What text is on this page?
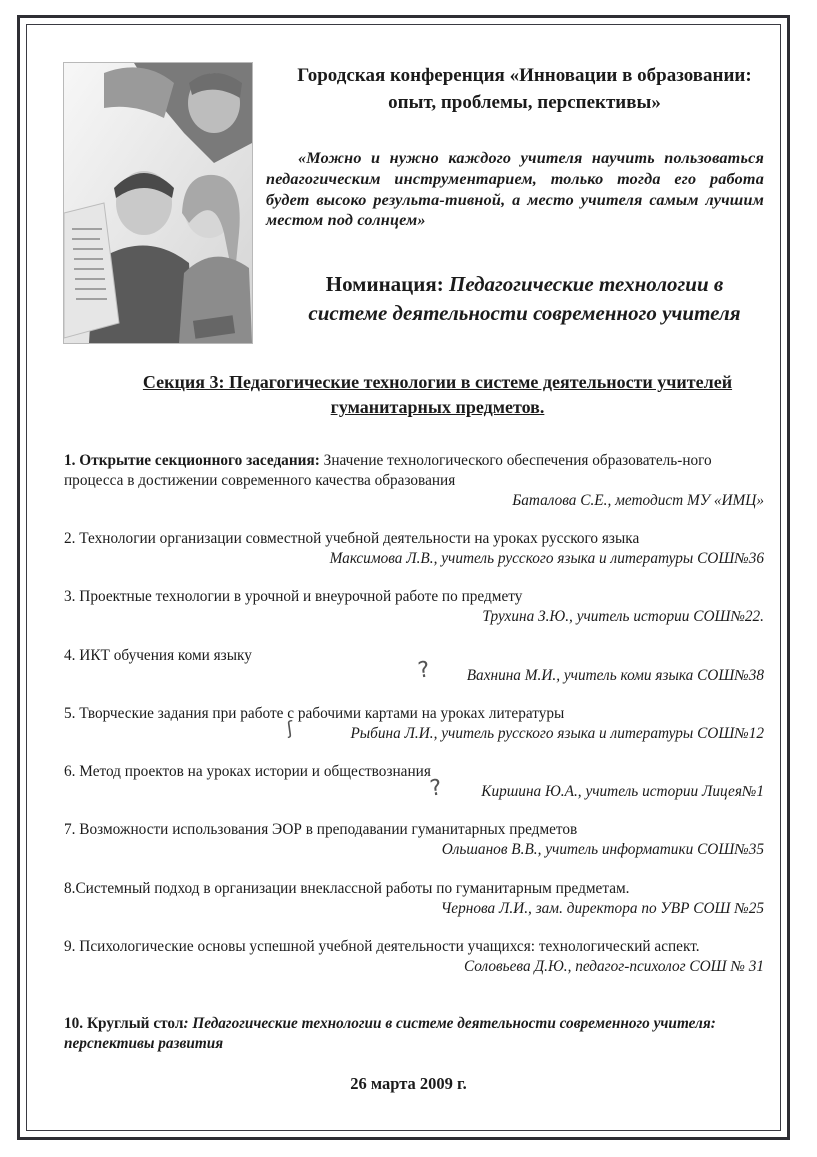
Городская конференция «Инновации в образовании:
опыт, проблемы, перспективы»
«Можно и нужно каждого учителя научить пользоваться педагогическим инструментарием, только тогда его работа будет высоко результа-тивной, а место учителя самым лучшим местом под солнцем»
Номинация: Педагогические технологии в
системе деятельности современного учителя
Секция 3: Педагогические технологии в системе деятельности учителей
гуманитарных предметов.
1. Открытие секционного заседания: Значение технологического обеспечения образователь-ного процесса в достижении современного качества образования
Баталова С.Е., методист МУ «ИМЦ»
2. Технологии организации совместной учебной деятельности на уроках русского языка
Максимова Л.В., учитель русского языка и литературы СОШ№36
3. Проектные технологии в урочной и внеурочной работе по предмету
Трухина З.Ю., учитель истории СОШ№22.
4. ИКТ обучения коми языку
Вахнина М.И., учитель коми языка СОШ№38
?
5. Творческие задания при работе с рабочими картами на уроках литературы
Рыбина Л.И., учитель русского языка и литературы СОШ№12
ʃ
6. Метод проектов на уроках истории и обществознания
Киршина Ю.А., учитель истории Лицея№1
?
7. Возможности использования ЭОР в преподавании гуманитарных предметов
Ольшанов В.В., учитель информатики СОШ№35
8.Системный подход в организации внеклассной работы по гуманитарным предметам.
Чернова Л.И., зам. директора по УВР СОШ №25
9. Психологические основы успешной учебной деятельности учащихся: технологический аспект.
Соловьева Д.Ю., педагог-психолог СОШ № 31
10. Круглый стол: Педагогические технологии в системе деятельности современного учителя: перспективы развития
26 марта 2009 г.
